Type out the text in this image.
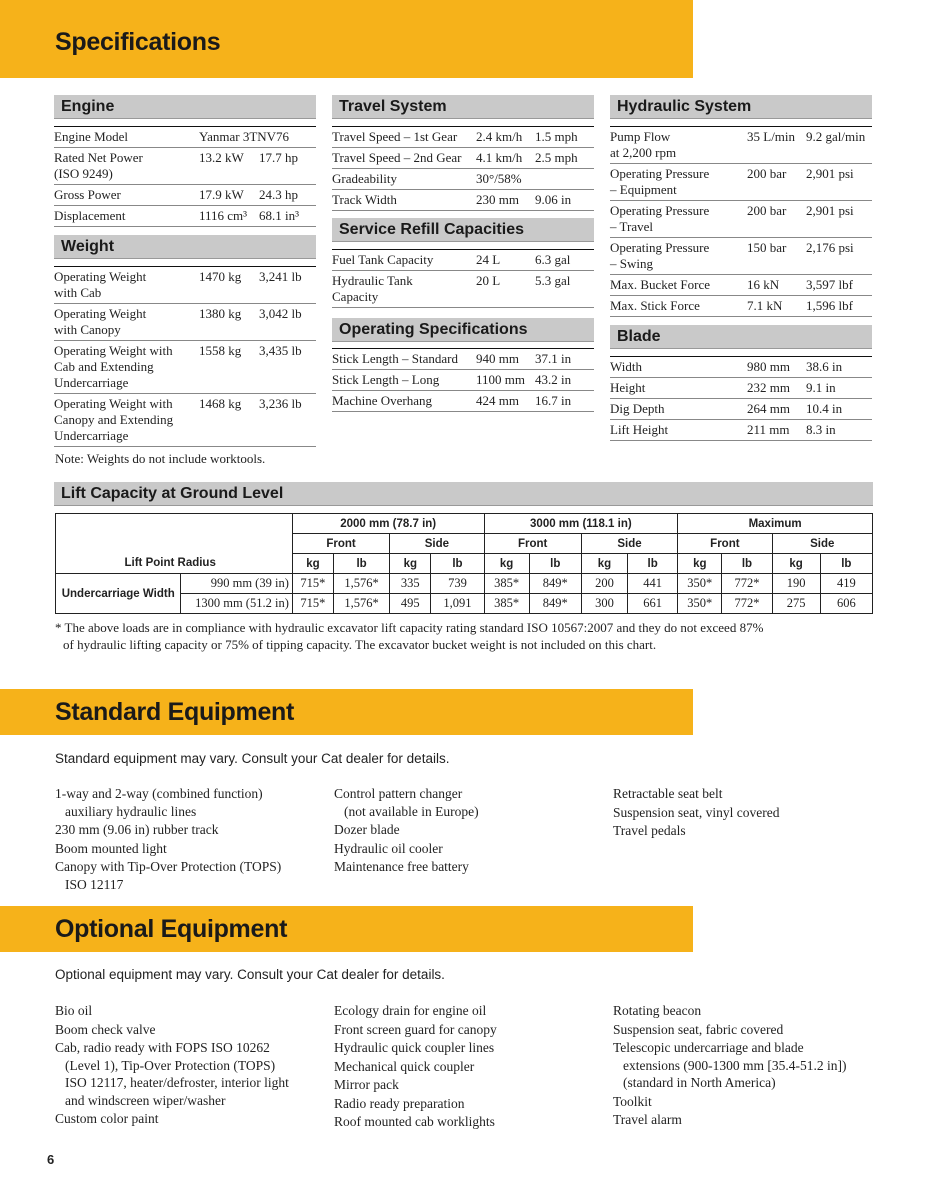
Specifications
Engine
Engine Model	Yanmar 3TNV76	
Rated Net Power
(ISO 9249)	13.2 kW	17.7 hp
Gross Power	17.9 kW	24.3 hp
Displacement	1116 cm³	68.1 in³
Weight
Operating Weight
with Cab	1470 kg	3,241 lb
Operating Weight
with Canopy	1380 kg	3,042 lb
Operating Weight with
Cab and Extending
Undercarriage	1558 kg	3,435 lb
Operating Weight with
Canopy and Extending
Undercarriage	1468 kg	3,236 lb
Note: Weights do not include worktools.
Travel System
Travel Speed – 1st Gear	2.4 km/h	1.5 mph
Travel Speed – 2nd Gear	4.1 km/h	2.5 mph
Gradeability	30°/58%	
Track Width	230 mm	9.06 in
Service Refill Capacities
Fuel Tank Capacity	24 L	6.3 gal
Hydraulic Tank
Capacity	20 L	5.3 gal
Operating Specifications
Stick Length – Standard	940 mm	37.1 in
Stick Length – Long	1100 mm	43.2 in
Machine Overhang	424 mm	16.7 in
Hydraulic System
Pump Flow
at 2,200 rpm	35 L/min	9.2 gal/min
Operating Pressure
– Equipment	200 bar	2,901 psi
Operating Pressure
– Travel	200 bar	2,901 psi
Operating Pressure
– Swing	150 bar	2,176 psi
Max. Bucket Force	16 kN	3,597 lbf
Max. Stick Force	7.1 kN	1,596 lbf
Blade
Width	980 mm	38.6 in
Height	232 mm	9.1 in
Dig Depth	264 mm	10.4 in
Lift Height	211 mm	8.3 in
Lift Capacity at Ground Level
		2000 mm (78.7 in)				3000 mm (118.1 in)				Maximum			
		Front		Side		Front		Side		Front		Side	
Lift Point Radius		kg	lb	kg	lb	kg	lb	kg	lb	kg	lb	kg	lb
Undercarriage Width	990 mm (39 in)	715*	1,576*	335	739	385*	849*	200	441	350*	772*	190	419
	1300 mm (51.2 in)	715*	1,576*	495	1,091	385*	849*	300	661	350*	772*	275	606
* The above loads are in compliance with hydraulic excavator lift capacity rating standard ISO 10567:2007 and they do not exceed 87%
of hydraulic lifting capacity or 75% of tipping capacity. The excavator bucket weight is not included on this chart.
Standard Equipment
Standard equipment may vary. Consult your Cat dealer for details.
1-way and 2-way (combined function)
auxiliary hydraulic lines
230 mm (9.06 in) rubber track
Boom mounted light
Canopy with Tip-Over Protection (TOPS)
ISO 12117
Control pattern changer
(not available in Europe)
Dozer blade
Hydraulic oil cooler
Maintenance free battery
Retractable seat belt
Suspension seat, vinyl covered
Travel pedals
Optional Equipment
Optional equipment may vary. Consult your Cat dealer for details.
Bio oil
Boom check valve
Cab, radio ready with FOPS ISO 10262
(Level 1), Tip-Over Protection (TOPS)
ISO 12117, heater/defroster, interior light
and windscreen wiper/washer
Custom color paint
Ecology drain for engine oil
Front screen guard for canopy
Hydraulic quick coupler lines
Mechanical quick coupler
Mirror pack
Radio ready preparation
Roof mounted cab worklights
Rotating beacon
Suspension seat, fabric covered
Telescopic undercarriage and blade
extensions (900-1300 mm [35.4-51.2 in])
(standard in North America)
Toolkit
Travel alarm
6
